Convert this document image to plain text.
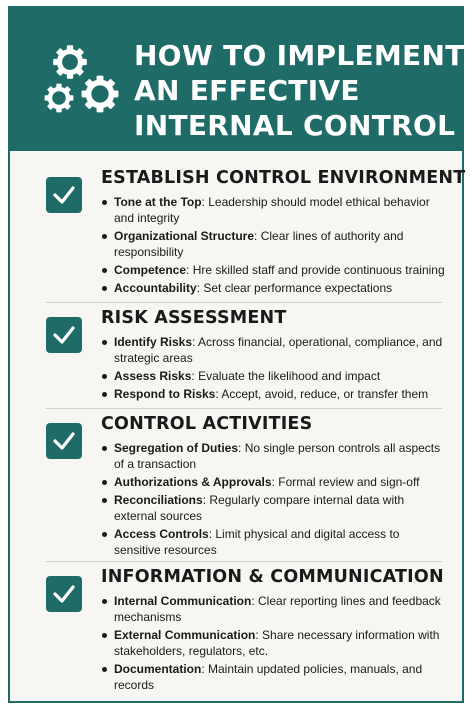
HOW TO IMPLEMENT
AN EFFECTIVE
INTERNAL CONTROL
ESTABLISH CONTROL ENVIRONMENT
Tone at the Top: Leadership should model ethical behavior and integrity
Organizational Structure: Clear lines of authority and responsibility
Competence: Hre skilled staff and provide continuous training
Accountability: Set clear performance expectations
RISK ASSESSMENT
Identify Risks: Across financial, operational, compliance, and strategic areas
Assess Risks: Evaluate the likelihood and impact
Respond to Risks: Accept, avoid, reduce, or transfer them
CONTROL ACTIVITIES
Segregation of Duties: No single person controls all aspects of a transaction
Authorizations & Approvals: Formal review and sign-off
Reconciliations: Regularly compare internal data with external sources
Access Controls: Limit physical and digital access to sensitive resources
INFORMATION & COMMUNICATION
Internal Communication: Clear reporting lines and feedback mechanisms
External Communication: Share necessary information with stakeholders, regulators, etc.
Documentation: Maintain updated policies, manuals, and records
